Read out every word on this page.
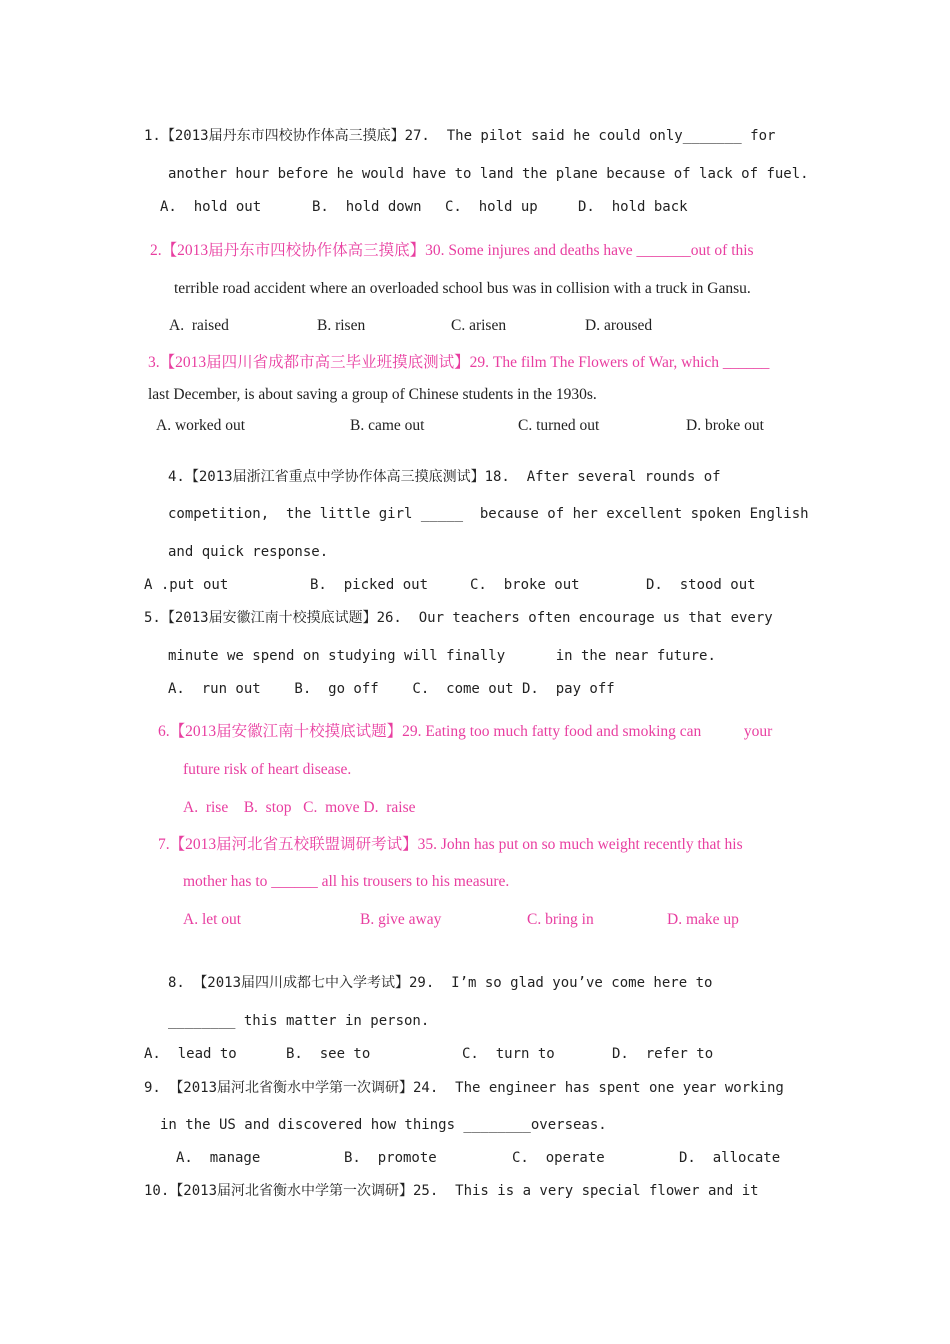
1.【2013届丹东市四校协作体高三摸底】27.  The pilot said he could only_______ for
another hour before he would have to land the plane because of lack of fuel.
A.  hold out	B.  hold down C.  hold up	D.  hold back
2.【2013届丹东市四校协作体高三摸底】30. Some injures and deaths have _______out of this
terrible road accident where an overloaded school bus was in collision with a truck in Gansu.
A.  raised	B. risen	C. arisen	D. aroused
3.【2013届四川省成都市高三毕业班摸底测试】29. The film The Flowers of War, which ______
last December, is about saving a group of Chinese students in the 1930s.
A. worked out	B. came out	C. turned out	D. broke out
4.【2013届浙江省重点中学协作体高三摸底测试】18.  After several rounds of
competition,  the little girl _____  because of her excellent spoken English
and quick response.
A .put out	B.  picked out	C.  broke out	D.  stood out
5.【2013届安徽江南十校摸底试题】26.  Our teachers often encourage us that every
minute we spend on studying will finally      in the near future.
A.  run out    B.  go off    C.  come out D.  pay off
6.【2013届安徽江南十校摸底试题】29. Eating too much fatty food and smoking can           your
future risk of heart disease.
A.  rise    B.  stop   C.  move D.  raise
7.【2013届河北省五校联盟调研考试】35. John has put on so much weight recently that his
mother has to ______ all his trousers to his measure.
A. let out	B. give away	C. bring in	D. make up
8. 【2013届四川成都七中入学考试】29.  I’m so glad you’ve come here to
________ this matter in person.
A.  lead to	B.  see to	C.  turn to	D.  refer to
9. 【2013届河北省衡水中学第一次调研】24.  The engineer has spent one year working
in the US and discovered how things ________overseas.
A.  manage	B.  promote	C.  operate	D.  allocate
10.【2013届河北省衡水中学第一次调研】25.  This is a very special flower and it
